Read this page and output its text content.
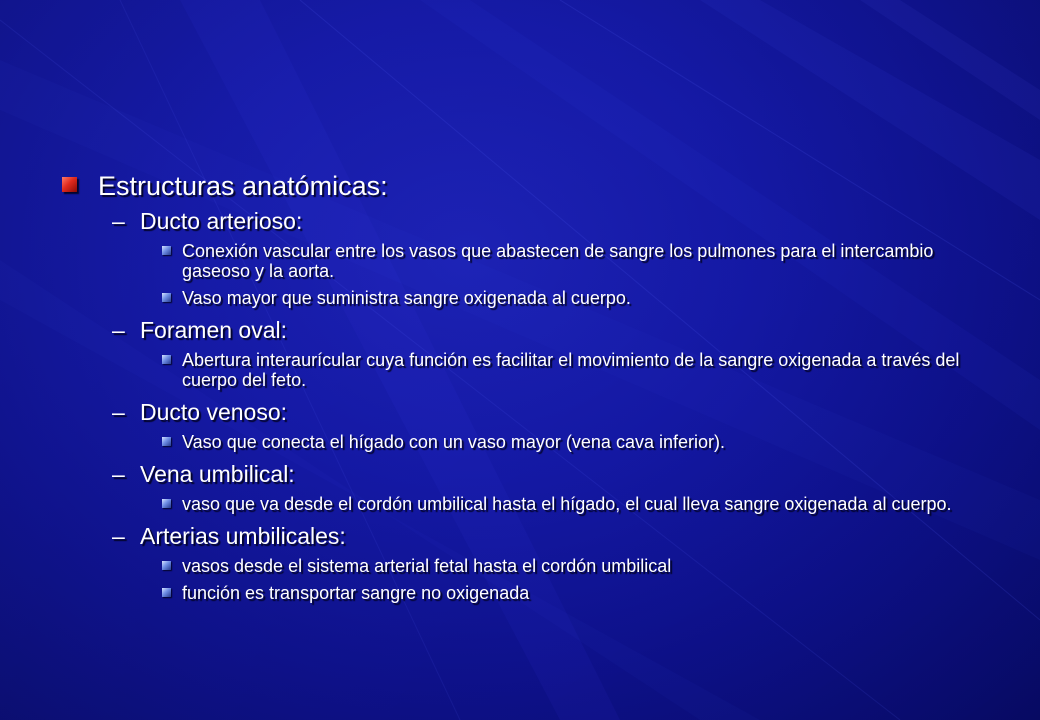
Estructuras anatómicas:
– Ducto arterioso:
Conexión vascular entre los vasos que abastecen de sangre los pulmones para el intercambio gaseoso y la aorta.
Vaso mayor que suministra sangre oxigenada al cuerpo.
– Foramen oval:
Abertura interaurícular cuya función es facilitar el movimiento de la sangre oxigenada a través del cuerpo del feto.
– Ducto venoso:
Vaso que conecta el hígado con un vaso mayor (vena cava inferior).
– Vena umbilical:
vaso que va desde el cordón umbilical hasta el hígado, el cual lleva sangre oxigenada al cuerpo.
– Arterias umbilicales:
vasos desde el sistema arterial fetal hasta el cordón umbilical
función es transportar sangre no oxigenada
